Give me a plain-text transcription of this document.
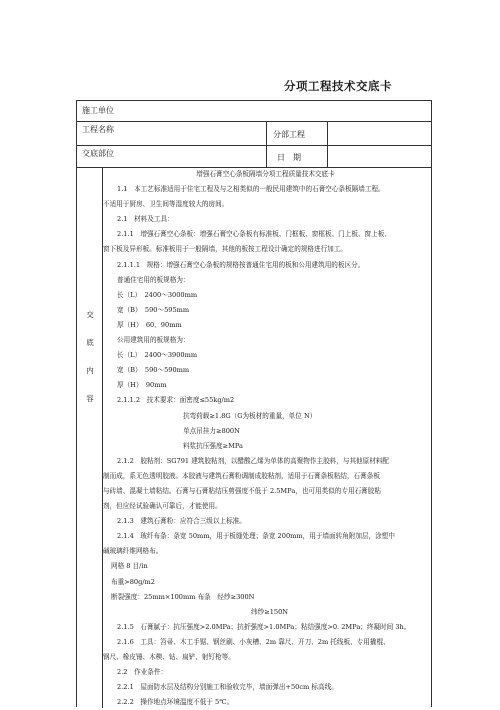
分项工程技术交底卡
施工单位
工程名称
分部工程
交底部位	日　期
交
底
内
容

增强石膏空心条板隔墙分项工程质量技术交底卡

1.1　本工艺标准适用于住宅工程及与之相类似的一般民用建筑中的石膏空心条板隔墙工程。

不适用于厨房、卫生间等湿度较大的房间。

2.1　材料及工具：

2.1.1　增强石膏空心条板：增强石膏空心条板有标准板、门框板、窗框板、门上板、窗上板、

窗下板及异形板。标准板用于一般隔墙，其他的板按工程设计确定的规格进行加工。

2.1.1.1　规格：增强石膏空心条板的规格按普通住宅用的板和公用建筑用的板区分。

普通住宅用的板规格为：

长（L）　2400～3000mm

宽（B）　590～595mm

厚（H）　60、90mm

公用建筑用的板规格为：

长（L）　2400～3900mm

宽（B）　590～590mm

厚（H）　90mm

2.1.1.2　技术要求：面密度≤55kg/m2

抗弯荷载≥1.8G（G为板材的重量，单位 N）

单点吊挂力≥800N

料浆抗压强度≥MPa

2.1.2　胶粘剂：SG791 建筑胶粘剂，以醋酸乙烯为单体的高聚物作主胶料，与其他原材料配

制而成，系无色透明胶液。本胶液与建筑石膏粉调制成胶粘剂，适用于石膏条板粘结，石膏条板

与砖墙、混凝土墙粘结。石膏与石膏粘结压剪强度不低于 2.5MPa，也可用类似的专用石膏胶粘

剂，但应经试验确认可靠后，才能使用。

2.1.3　建筑石膏粉：应符合三级以上标准。

2.1.4　玻纤布条：条宽 50mm，用于板缝处理；条宽 200mm，用于墙面转角附加层，涂塑中

碱玻璃纤维网格布。

网格 8 目/in

布重>80g/m2

断裂强度：25mm×100mm 布条　经纱≥300N

纬纱≥150N

2.1.5　石膏腻子：抗压强度>2.0MPa；抗折强度>1.0MPa；粘结强度>0. 2MPa；终凝时间 3h。

2.1.6　工具：笤帚、木工手锯、钢丝刷、小灰槽、2m 靠尺、开刀、2m 托线板、专用撬棍、

钢尺、橡皮锤、木楔、钻、扁铲、射钉枪等。

2.2　作业条件：

2.2.1　屋面防水层及结构分别施工和验收完毕，墙面弹出+50cm 标高线。

2.2.2　操作地点环境温度不低于 5℃。
